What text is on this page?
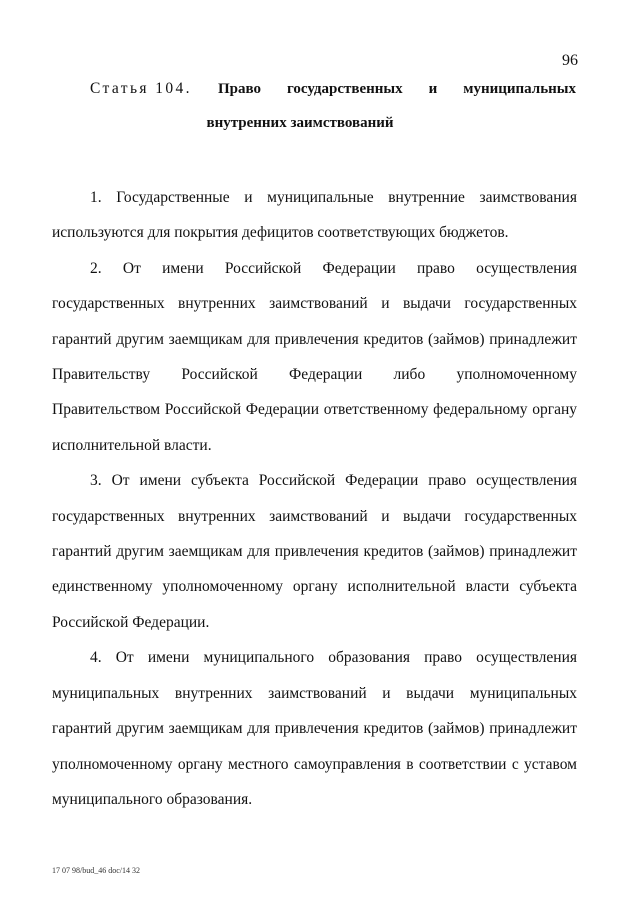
96
Статья 104. Право государственных и муниципальных
внутренних заимствований

1. Государственные и муниципальные внутренние заимствования используются для покрытия дефицитов соответствующих бюджетов.

2. От имени Российской Федерации право осуществления государственных внутренних заимствований и выдачи государственных гарантий другим заемщикам для привлечения кредитов (займов) принадлежит Правительству Российской Федерации либо уполномоченному Правительством Российской Федерации ответственному федеральному органу исполнительной власти.

3. От имени субъекта Российской Федерации право осуществления государственных внутренних заимствований и выдачи государственных гарантий другим заемщикам для привлечения кредитов (займов) принадлежит единственному уполномоченному органу исполнительной власти субъекта Российской Федерации.

4. От имени муниципального образования право осуществления муниципальных внутренних заимствований и выдачи муниципальных гарантий другим заемщикам для привлечения кредитов (займов) принадлежит уполномоченному органу местного самоуправления в соответствии с уставом муниципального образования.

17 07 98/bud_46 doc/14 32
